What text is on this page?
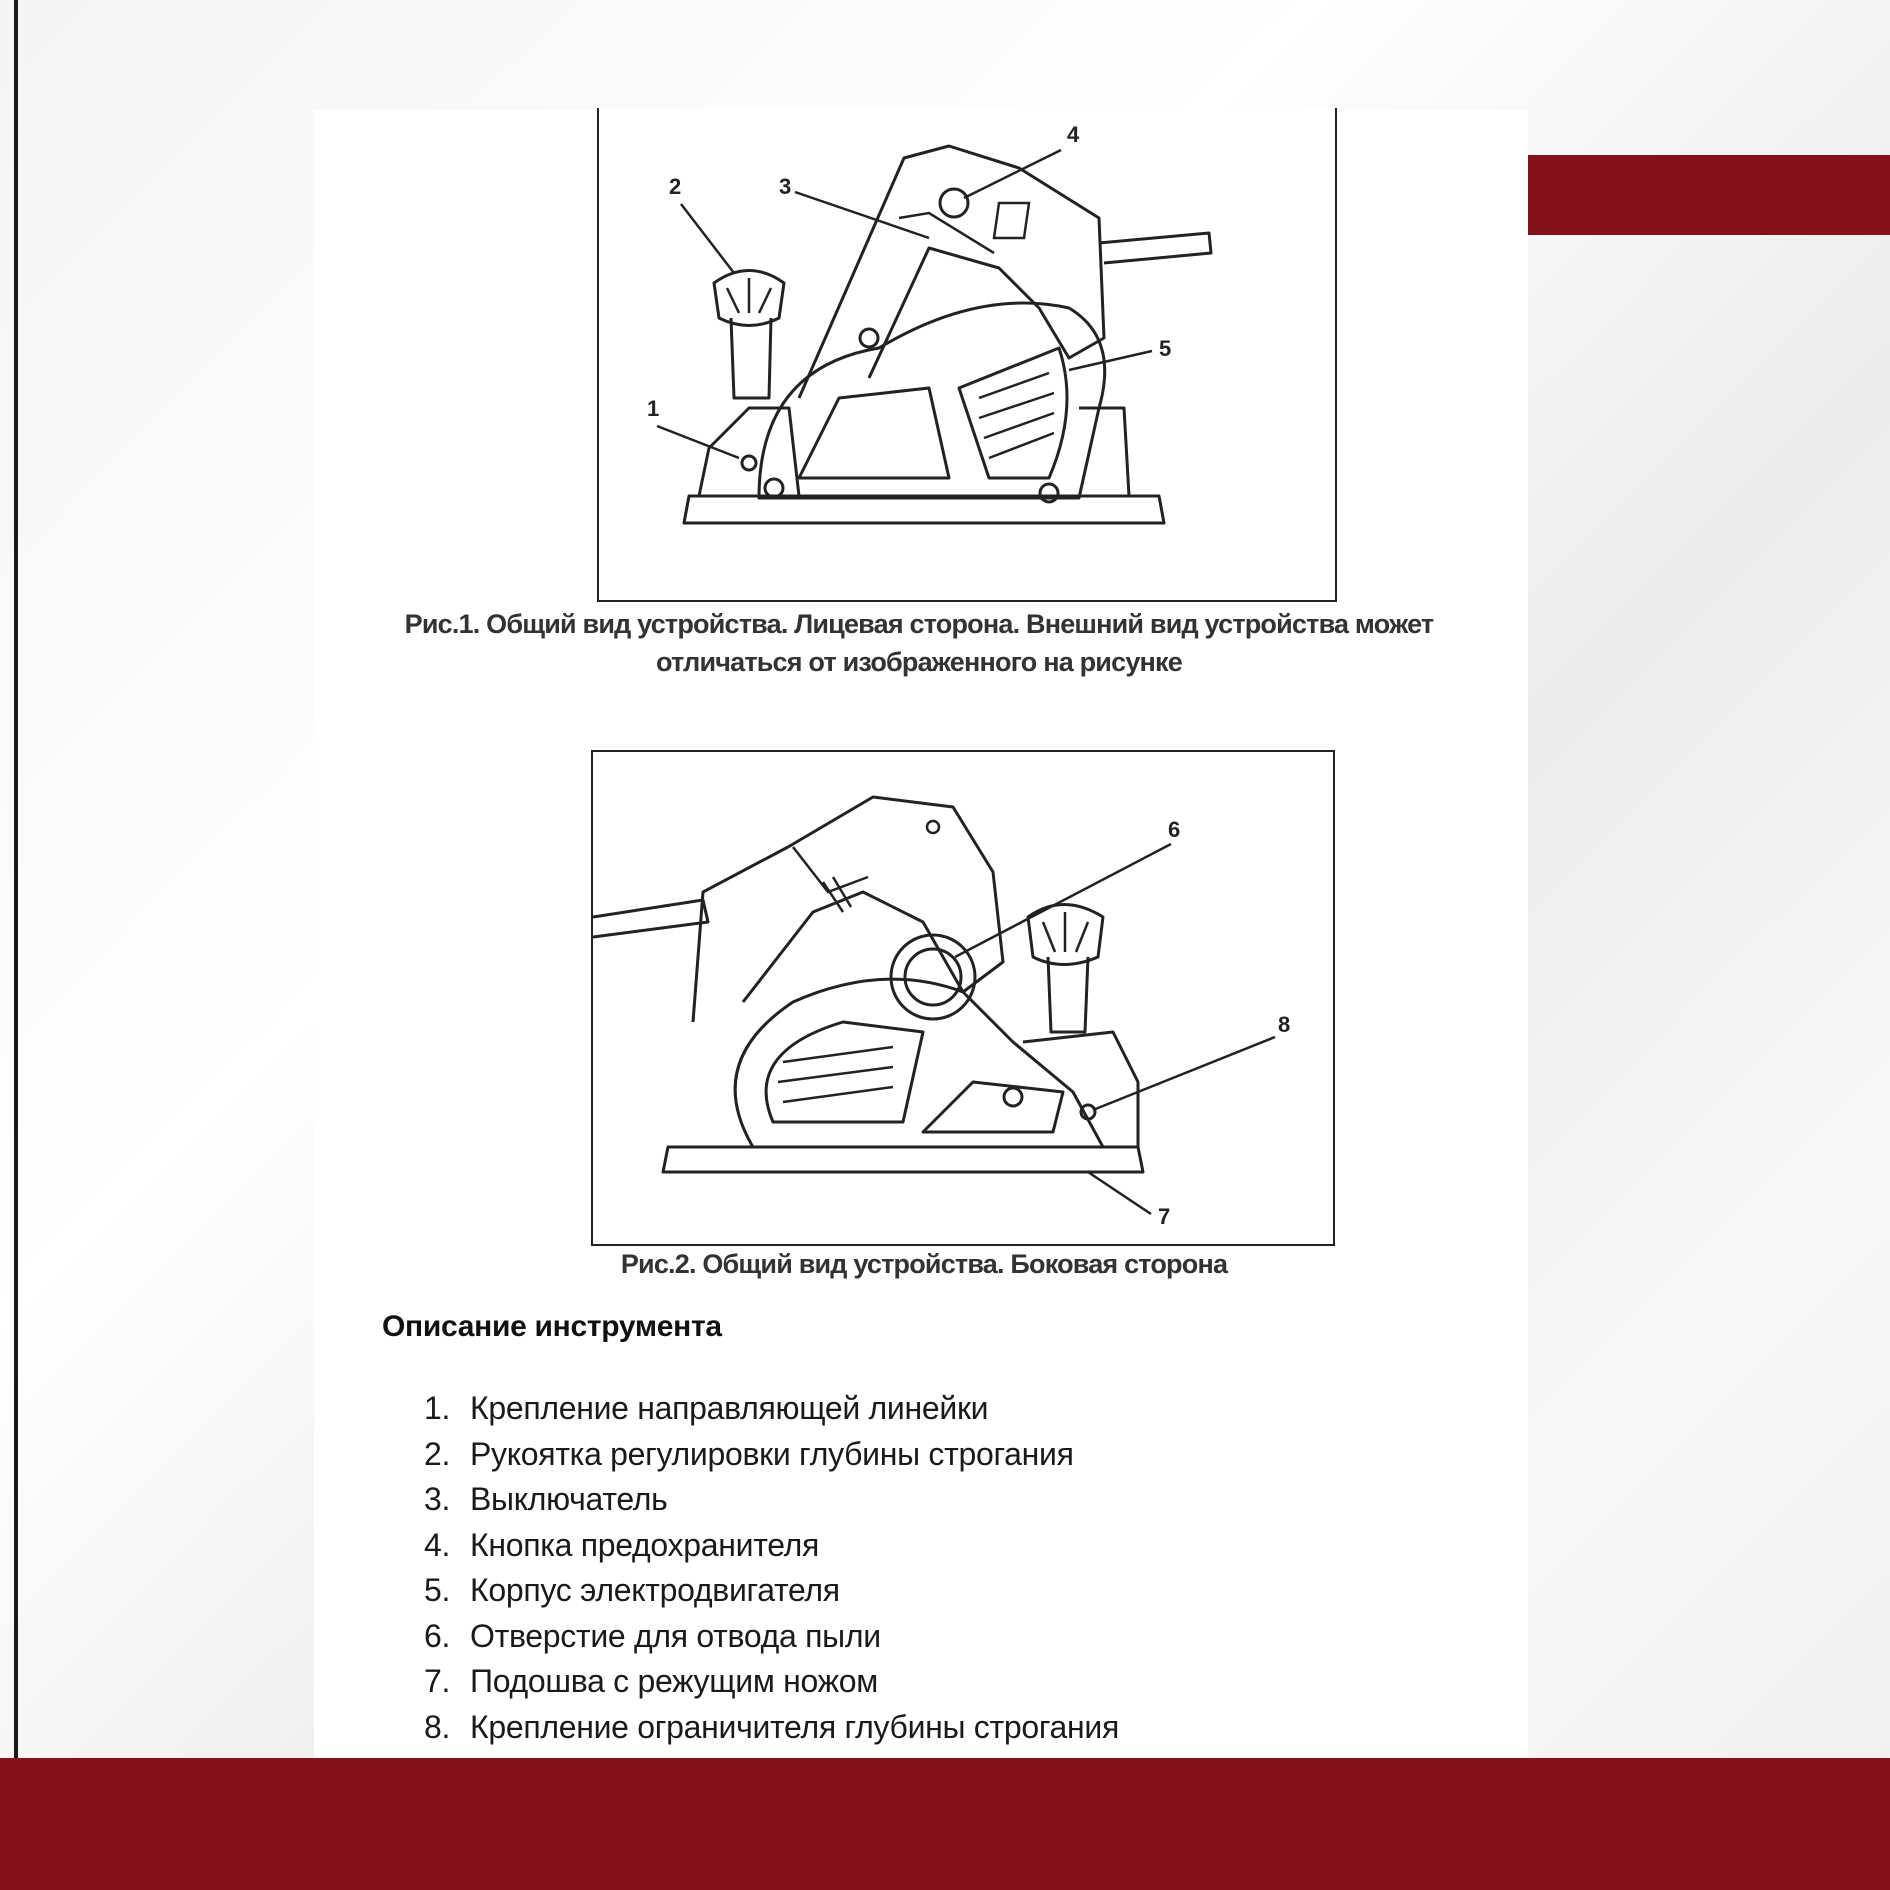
1
2	3
4
5
Рис.1. Общий вид устройства. Лицевая сторона. Внешний вид устройства может отличаться от изображенного на рисунке
6
7
8
Рис.2. Общий вид устройства. Боковая сторона
Описание инструмента
1. Крепление направляющей линейки
2. Рукоятка регулировки глубины строгания
3. Выключатель
4. Кнопка предохранителя
5. Корпус электродвигателя
6. Отверстие для отвода пыли
7. Подошва с режущим ножом
8. Крепление ограничителя глубины строгания
